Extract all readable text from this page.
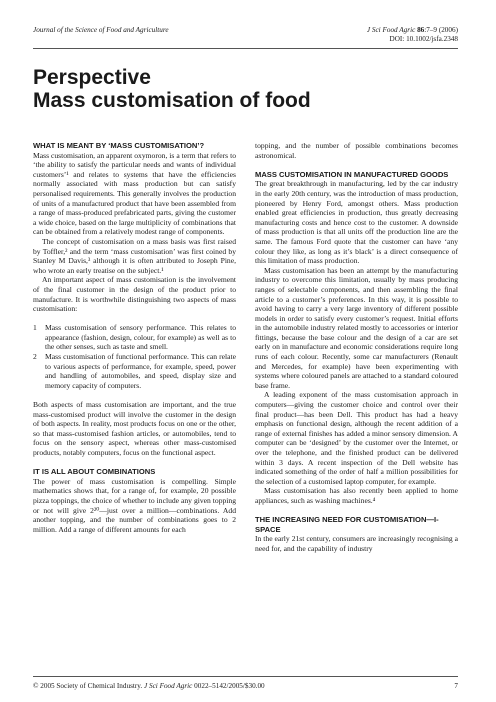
Journal of the Science of Food and Agriculture	J Sci Food Agric 86:7–9 (2006)
DOI: 10.1002/jsfa.2348
Perspective
Mass customisation of food
WHAT IS MEANT BY ‘MASS CUSTOMISATION’?

Mass customisation, an apparent oxymoron, is a term that refers to ‘the ability to satisfy the particular needs and wants of individual customers’¹ and relates to systems that have the efficiencies normally associated with mass production but can satisfy personalised requirements. This generally involves the production of units of a manufactured product that have been assembled from a range of mass-produced prefabricated parts, giving the customer a wide choice, based on the large multiplicity of combinations that can be obtained from a relatively modest range of components.

The concept of customisation on a mass basis was first raised by Toffler,² and the term ‘mass customisation’ was first coined by Stanley M Davis,³ although it is often attributed to Joseph Pine, who wrote an early treatise on the subject.¹

An important aspect of mass customisation is the involvement of the final customer in the design of the product prior to manufacture. It is worthwhile distinguishing two aspects of mass customisation:

1 Mass customisation of sensory performance. This relates to appearance (fashion, design, colour, for example) as well as to the other senses, such as taste and smell.
2 Mass customisation of functional performance. This can relate to various aspects of performance, for example, speed, power and handling of automobiles, and speed, display size and memory capacity of computers.

Both aspects of mass customisation are important, and the true mass-customised product will involve the customer in the design of both aspects. In reality, most products focus on one or the other, so that mass-customised fashion articles, or automobiles, tend to focus on the sensory aspect, whereas other mass-customised products, notably computers, focus on the functional aspect.

IT IS ALL ABOUT COMBINATIONS

The power of mass customisation is compelling. Simple mathematics shows that, for a range of, for example, 20 possible pizza toppings, the choice of whether to include any given topping or not will give 2²⁰—just over a million—combinations. Add another topping, and the number of combinations goes to 2 million. Add a range of different amounts for each

topping, and the number of possible combinations becomes astronomical.

MASS CUSTOMISATION IN MANUFACTURED GOODS

The great breakthrough in manufacturing, led by the car industry in the early 20th century, was the introduction of mass production, pioneered by Henry Ford, amongst others. Mass production enabled great efficiencies in production, thus greatly decreasing manufacturing costs and hence cost to the customer. A downside of mass production is that all units off the production line are the same. The famous Ford quote that the customer can have ‘any colour they like, as long as it’s black’ is a direct consequence of this limitation of mass production.

Mass customisation has been an attempt by the manufacturing industry to overcome this limitation, usually by mass producing ranges of selectable components, and then assembling the final article to a customer’s preferences. In this way, it is possible to avoid having to carry a very large inventory of different possible models in order to satisfy every customer’s request. Initial efforts in the automobile industry related mostly to accessories or interior fittings, because the base colour and the design of a car are set early on in manufacture and economic considerations require long runs of each colour. Recently, some car manufacturers (Renault and Mercedes, for example) have been experimenting with systems where coloured panels are attached to a standard coloured base frame.

A leading exponent of the mass customisation approach in computers—giving the customer choice and control over their final product—has been Dell. This product has had a heavy emphasis on functional design, although the recent addition of a range of external finishes has added a minor sensory dimension. A computer can be ‘designed’ by the customer over the Internet, or over the telephone, and the finished product can be delivered within 3 days. A recent inspection of the Dell website has indicated something of the order of half a million possibilities for the selection of a customised laptop computer, for example.

Mass customisation has also recently been applied to home appliances, such as washing machines.⁴

THE INCREASING NEED FOR CUSTOMISATION—I-SPACE

In the early 21st century, consumers are increasingly recognising a need for, and the capability of industry

© 2005 Society of Chemical Industry. J Sci Food Agric 0022–5142/2005/$30.00	7
